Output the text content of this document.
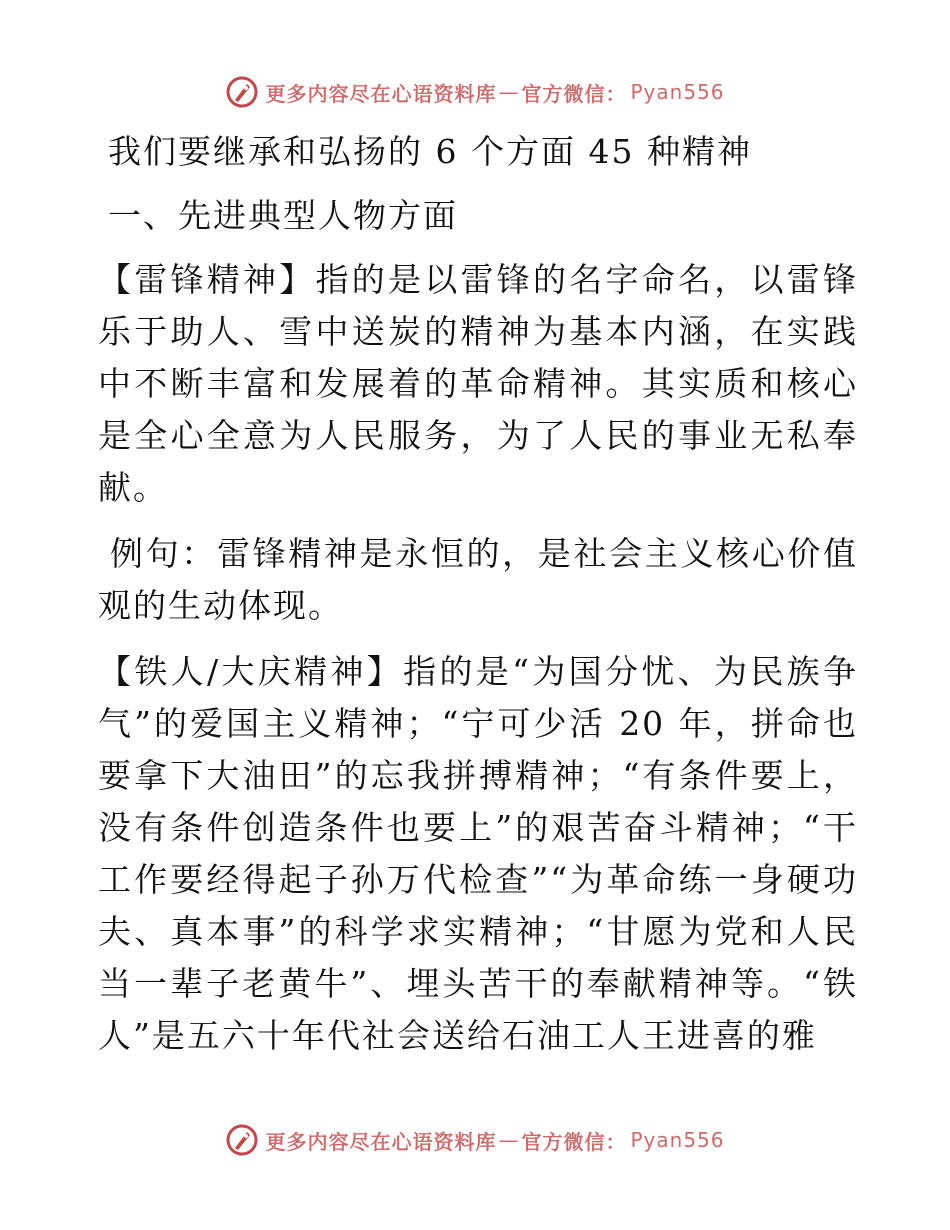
更多内容尽在心语资料库 — 官方微信： Pyan556

我们要继承和弘扬的 6 个方面 45 种精神

一、先进典型人物方面

【雷锋精神】指的是以雷锋的名字命名，以雷锋乐于助人、雪中送炭的精神为基本内涵，在实践中不断丰富和发展着的革命精神。其实质和核心是全心全意为人民服务，为了人民的事业无私奉献。

例句：雷锋精神是永恒的，是社会主义核心价值观的生动体现。

【铁人/大庆精神】指的是“为国分忧、为民族争气”的爱国主义精神；“宁可少活 20 年，拼命也要拿下大油田”的忘我拼搏精神；“有条件要上，没有条件创造条件也要上”的艰苦奋斗精神；“干工作要经得起子孙万代检查”“为革命练一身硬功夫、真本事”的科学求实精神；“甘愿为党和人民当一辈子老黄牛”、埋头苦干的奉献精神等。“铁人”是五六十年代社会送给石油工人王进喜的雅

更多内容尽在心语资料库 — 官方微信： Pyan556
